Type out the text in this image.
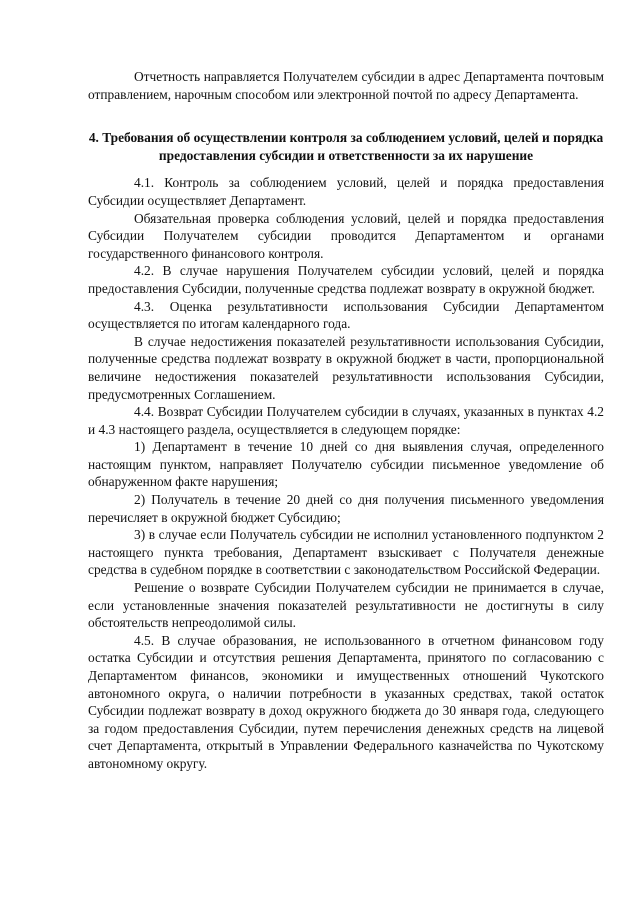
Отчетность направляется Получателем субсидии в адрес Департамента почтовым отправлением, нарочным способом или электронной почтой по адресу Департамента.

4. Требования об осуществлении контроля за соблюдением условий, целей и порядка предоставления субсидии и ответственности за их нарушение

4.1. Контроль за соблюдением условий, целей и порядка предоставления Субсидии осуществляет Департамент.

Обязательная проверка соблюдения условий, целей и порядка предоставления Субсидии Получателем субсидии проводится Департаментом и органами государственного финансового контроля.

4.2. В случае нарушения Получателем субсидии условий, целей и порядка предоставления Субсидии, полученные средства подлежат возврату в окружной бюджет.

4.3. Оценка результативности использования Субсидии Департаментом осуществляется по итогам календарного года.

В случае недостижения показателей результативности использования Субсидии, полученные средства подлежат возврату в окружной бюджет в части, пропорциональной величине недостижения показателей результативности использования Субсидии, предусмотренных Соглашением.

4.4. Возврат Субсидии Получателем субсидии в случаях, указанных в пунктах 4.2 и 4.3 настоящего раздела, осуществляется в следующем порядке:

1) Департамент в течение 10 дней со дня выявления случая, определенного настоящим пунктом, направляет Получателю субсидии письменное уведомление об обнаруженном факте нарушения;

2) Получатель в течение 20 дней со дня получения письменного уведомления перечисляет в окружной бюджет Субсидию;

3) в случае если Получатель субсидии не исполнил установленного подпунктом 2 настоящего пункта требования, Департамент взыскивает с Получателя денежные средства в судебном порядке в соответствии с законодательством Российской Федерации.

Решение о возврате Субсидии Получателем субсидии не принимается в случае, если установленные значения показателей результативности не достигнуты в силу обстоятельств непреодолимой силы.

4.5. В случае образования, не использованного в отчетном финансовом году остатка Субсидии и отсутствия решения Департамента, принятого по согласованию с Департаментом финансов, экономики и имущественных отношений Чукотского автономного округа, о наличии потребности в указанных средствах, такой остаток Субсидии подлежат возврату в доход окружного бюджета до 30 января года, следующего за годом предоставления Субсидии, путем перечисления денежных средств на лицевой счет Департамента, открытый в Управлении Федерального казначейства по Чукотскому автономному округу.
